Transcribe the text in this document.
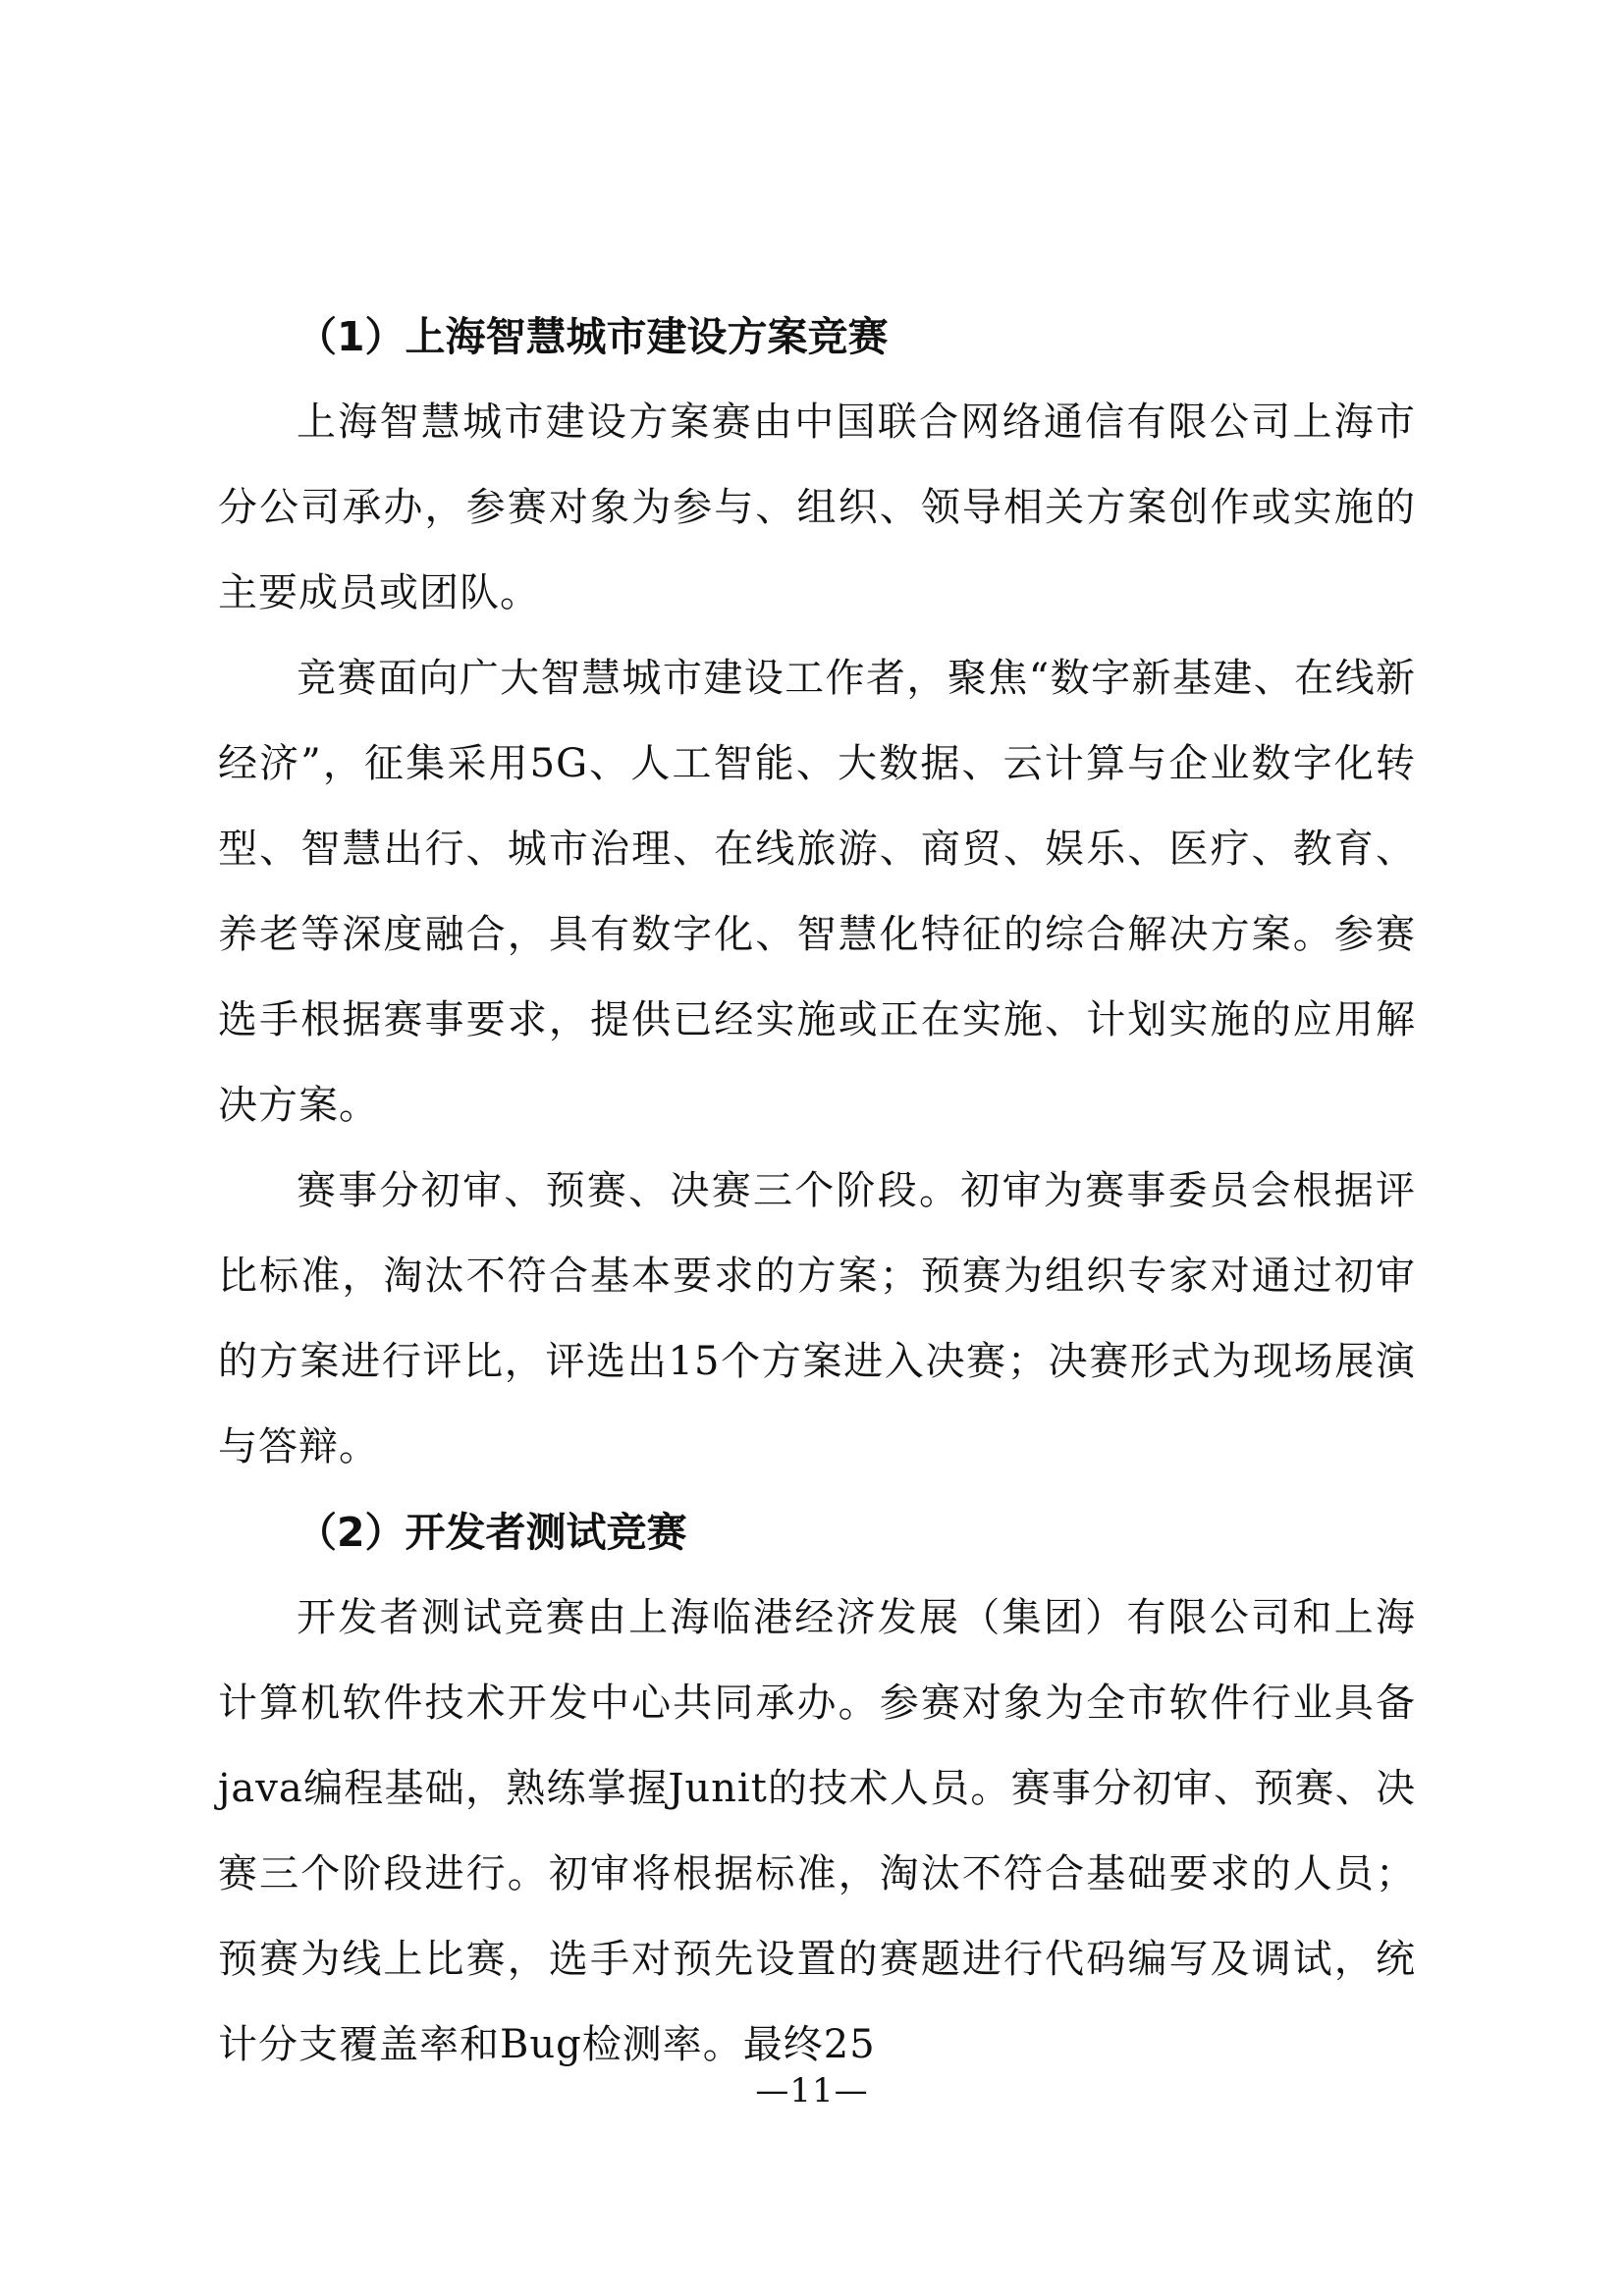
（1）上海智慧城市建设方案竞赛

上海智慧城市建设方案赛由中国联合网络通信有限公司上海市分公司承办，参赛对象为参与、组织、领导相关方案创作或实施的主要成员或团队。

竞赛面向广大智慧城市建设工作者，聚焦“数字新基建、在线新经济”，征集采用5G、人工智能、大数据、云计算与企业数字化转型、智慧出行、城市治理、在线旅游、商贸、娱乐、医疗、教育、养老等深度融合，具有数字化、智慧化特征的综合解决方案。参赛选手根据赛事要求，提供已经实施或正在实施、计划实施的应用解决方案。

赛事分初审、预赛、决赛三个阶段。初审为赛事委员会根据评比标准，淘汰不符合基本要求的方案；预赛为组织专家对通过初审的方案进行评比，评选出15个方案进入决赛；决赛形式为现场展演与答辩。

（2）开发者测试竞赛

开发者测试竞赛由上海临港经济发展（集团）有限公司和上海计算机软件技术开发中心共同承办。参赛对象为全市软件行业具备java编程基础，熟练掌握Junit的技术人员。赛事分初审、预赛、决赛三个阶段进行。初审将根据标准，淘汰不符合基础要求的人员；预赛为线上比赛，选手对预先设置的赛题进行代码编写及调试，统计分支覆盖率和Bug检测率。最终25

—11—
